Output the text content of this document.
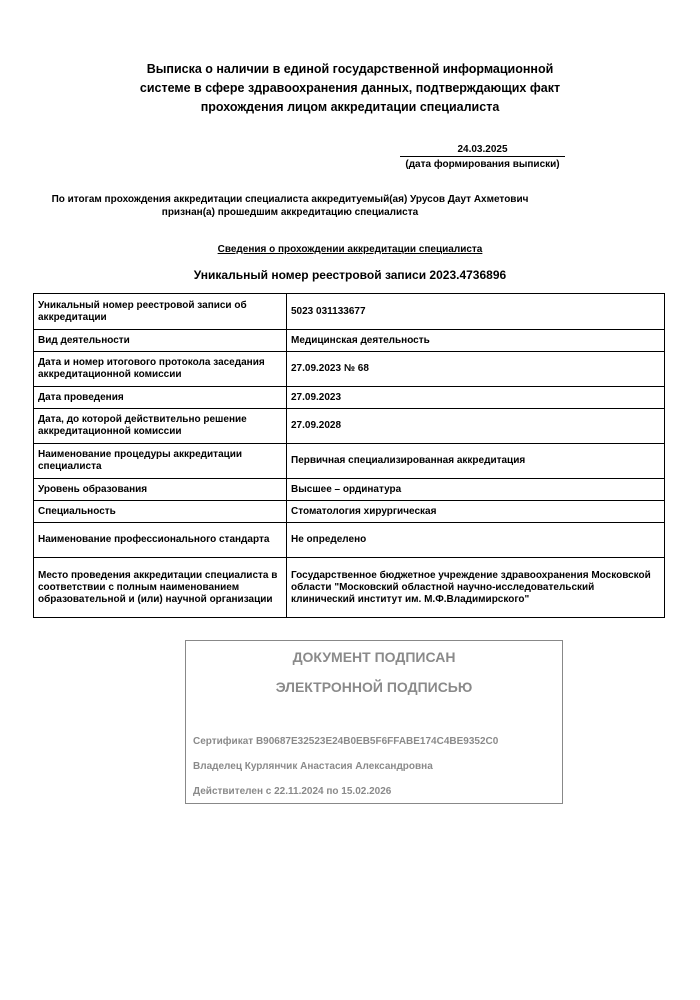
Выписка о наличии в единой государственной информационной
системе в сфере здравоохранения данных, подтверждающих факт
прохождения лицом аккредитации специалиста
24.03.2025
(дата формирования выписки)
По итогам прохождения аккредитации специалиста аккредитуемый(ая) Урусов Даут Ахметович
признан(а) прошедшим аккредитацию специалиста
Сведения о прохождении аккредитации специалиста
Уникальный номер реестровой записи 2023.4736896
Уникальный номер реестровой записи об аккредитации	5023 031133677
Вид деятельности	Медицинская деятельность
Дата и номер итогового протокола заседания аккредитационной комиссии	27.09.2023 № 68
Дата проведения	27.09.2023
Дата, до которой действительно решение аккредитационной комиссии	27.09.2028
Наименование процедуры аккредитации специалиста	Первичная специализированная аккредитация
Уровень образования	Высшее – ординатура
Специальность	Стоматология хирургическая
Наименование профессионального стандарта	Не определено
Место проведения аккредитации специалиста в соответствии с полным наименованием образовательной и (или) научной организации	Государственное бюджетное учреждение здравоохранения Московской области "Московский областной научно-исследовательский клинический институт им. М.Ф.Владимирского"
ДОКУМЕНТ ПОДПИСАН
ЭЛЕКТРОННОЙ ПОДПИСЬЮ
Сертификат B90687E32523E24B0EB5F6FFABE174C4BE9352C0
Владелец Курлянчик Анастасия Александровна
Действителен с 22.11.2024 по 15.02.2026
